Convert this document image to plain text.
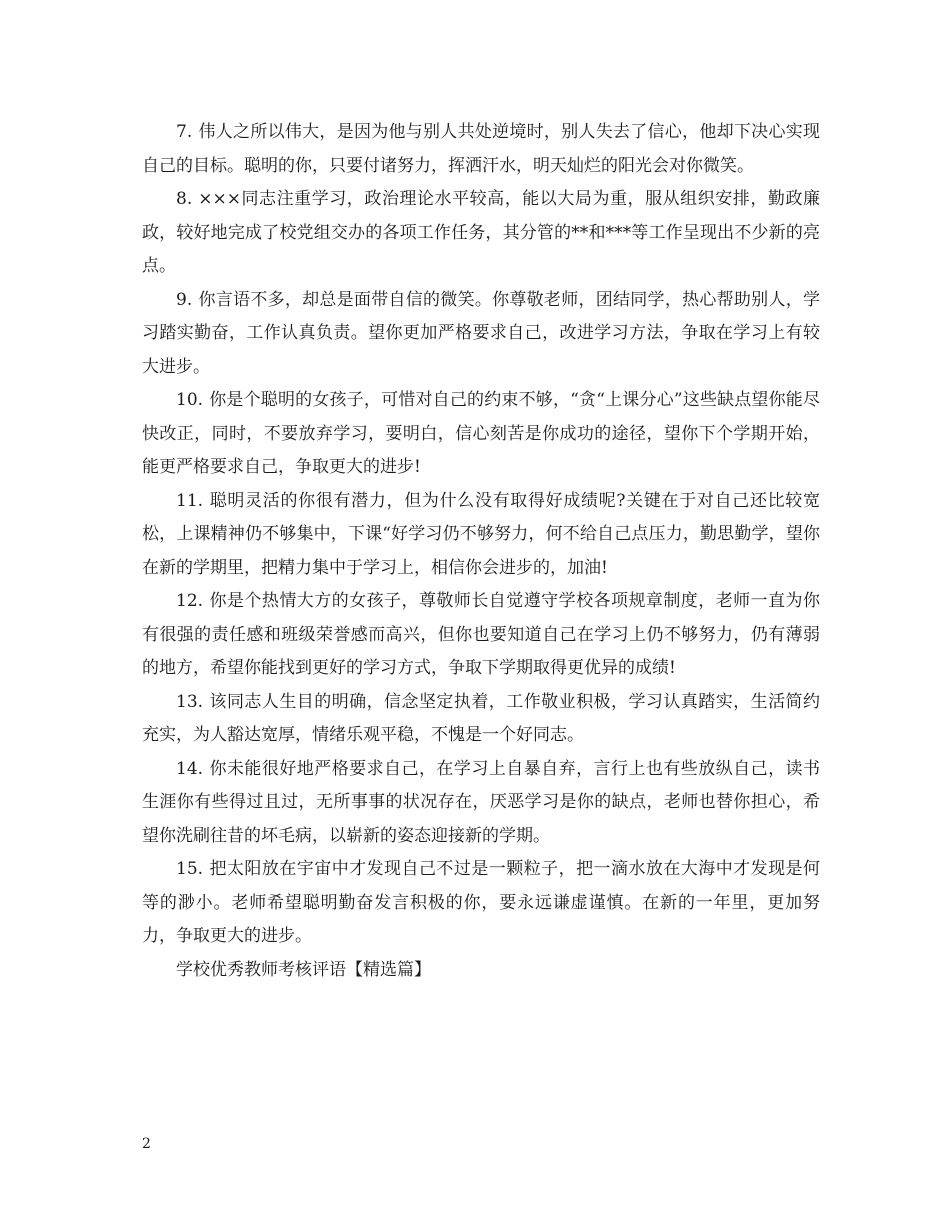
7. 伟人之所以伟大，是因为他与别人共处逆境时，别人失去了信心，他却下决心实现自己的目标。聪明的你，只要付诸努力，挥洒汗水，明天灿烂的阳光会对你微笑。

8. ×××同志注重学习，政治理论水平较高，能以大局为重，服从组织安排，勤政廉政，较好地完成了校党组交办的各项工作任务，其分管的**和***等工作呈现出不少新的亮点。

9. 你言语不多，却总是面带自信的微笑。你尊敬老师，团结同学，热心帮助别人，学习踏实勤奋，工作认真负责。望你更加严格要求自己，改进学习方法，争取在学习上有较大进步。

10. 你是个聪明的女孩子，可惜对自己的约束不够，“贪“上课分心”这些缺点望你能尽快改正，同时，不要放弃学习，要明白，信心刻苦是你成功的途径，望你下个学期开始，能更严格要求自己，争取更大的进步!

11. 聪明灵活的你很有潜力，但为什么没有取得好成绩呢?关键在于对自己还比较宽松，上课精神仍不够集中，下课“好学习仍不够努力，何不给自己点压力，勤思勤学，望你在新的学期里，把精力集中于学习上，相信你会进步的，加油!

12. 你是个热情大方的女孩子，尊敬师长自觉遵守学校各项规章制度，老师一直为你有很强的责任感和班级荣誉感而高兴，但你也要知道自己在学习上仍不够努力，仍有薄弱的地方，希望你能找到更好的学习方式，争取下学期取得更优异的成绩!

13. 该同志人生目的明确，信念坚定执着，工作敬业积极，学习认真踏实，生活简约充实，为人豁达宽厚，情绪乐观平稳，不愧是一个好同志。

14. 你未能很好地严格要求自己，在学习上自暴自弃，言行上也有些放纵自己，读书生涯你有些得过且过，无所事事的状况存在，厌恶学习是你的缺点，老师也替你担心，希望你洗刷往昔的坏毛病，以崭新的姿态迎接新的学期。

15. 把太阳放在宇宙中才发现自己不过是一颗粒子，把一滴水放在大海中才发现是何等的渺小。老师希望聪明勤奋发言积极的你，要永远谦虚谨慎。在新的一年里，更加努力，争取更大的进步。

学校优秀教师考核评语【精选篇】

2
